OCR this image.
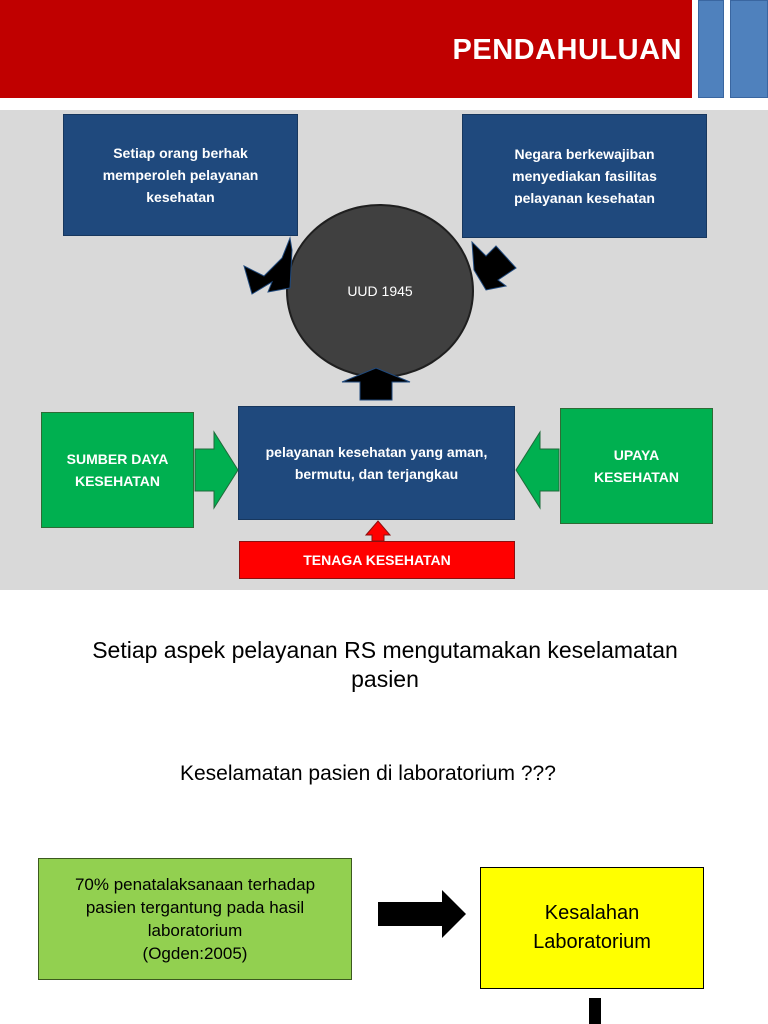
PENDAHULUAN
Setiap orang berhak
memperoleh pelayanan
kesehatan
Negara berkewajiban
menyediakan fasilitas
pelayanan kesehatan
UUD 1945
pelayanan kesehatan yang aman,
bermutu, dan terjangkau
SUMBER DAYA
KESEHATAN
UPAYA
KESEHATAN
TENAGA KESEHATAN
Setiap aspek pelayanan RS mengutamakan keselamatan
pasien
Keselamatan pasien di laboratorium ???
70% penatalaksanaan terhadap
pasien tergantung pada hasil
laboratorium
(Ogden:2005)
Kesalahan
Laboratorium
